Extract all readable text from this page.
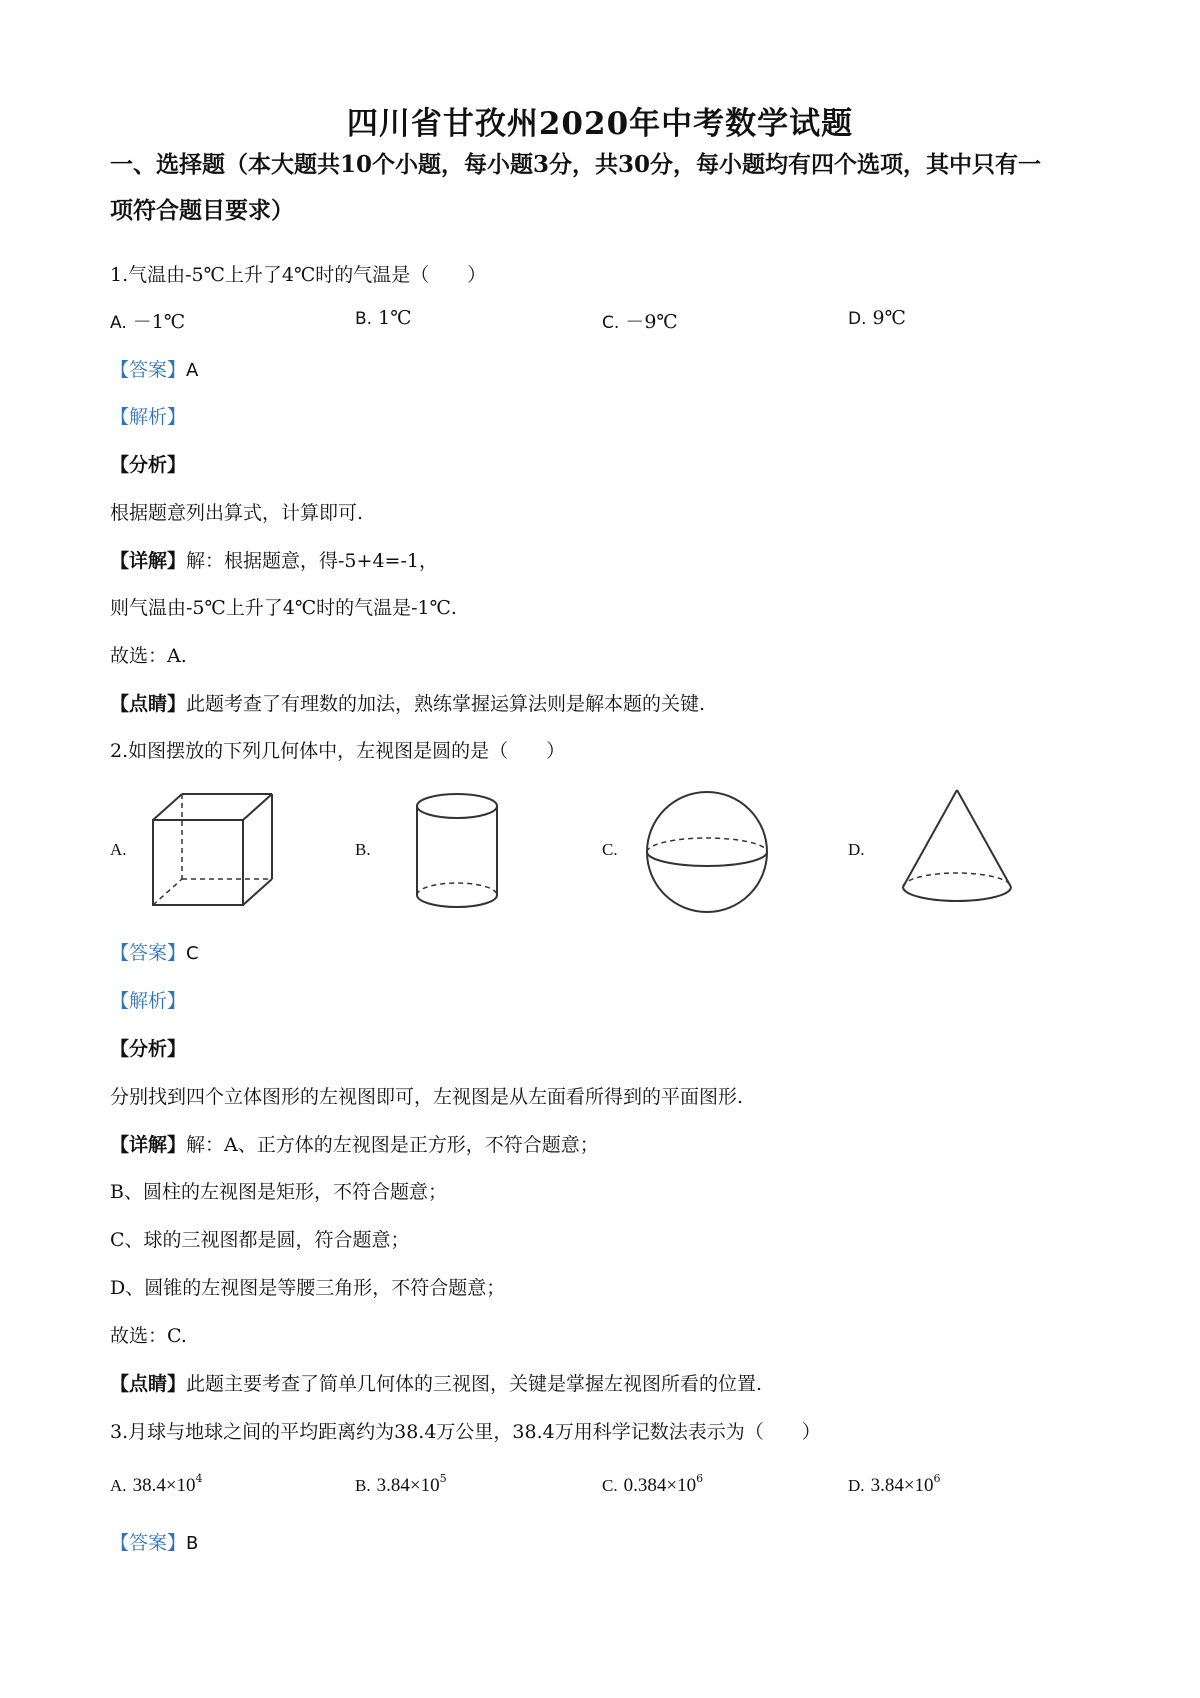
四川省甘孜州2020年中考数学试题
一、选择题（本大题共10个小题，每小题3分，共30分，每小题均有四个选项，其中只有一
项符合题目要求）
1.气温由-5℃上升了4℃时的气温是（　　）
A. －1℃	B. 1℃	C. －9℃	D. 9℃
【答案】A
【解析】
【分析】
根据题意列出算式，计算即可.
【详解】解：根据题意，得-5+4=-1，
则气温由-5℃上升了4℃时的气温是-1℃.
故选：A.
【点睛】此题考查了有理数的加法，熟练掌握运算法则是解本题的关键.
2.如图摆放的下列几何体中，左视图是圆的是（　　）
A.	B.	C.	D.
【答案】C
【解析】
【分析】
分别找到四个立体图形的左视图即可，左视图是从左面看所得到的平面图形.
【详解】解：A、正方体的左视图是正方形，不符合题意；
B、圆柱的左视图是矩形，不符合题意；
C、球的三视图都是圆，符合题意；
D、圆锥的左视图是等腰三角形，不符合题意；
故选：C.
【点睛】此题主要考查了简单几何体的三视图，关键是掌握左视图所看的位置.
3.月球与地球之间的平均距离约为38.4万公里，38.4万用科学记数法表示为（　　）
A. $38.4\times 10^4$	B. $3.84\times 10^5$	C. $0.384\times 10^6$	D. $3.84\times 10^6$
【答案】B
